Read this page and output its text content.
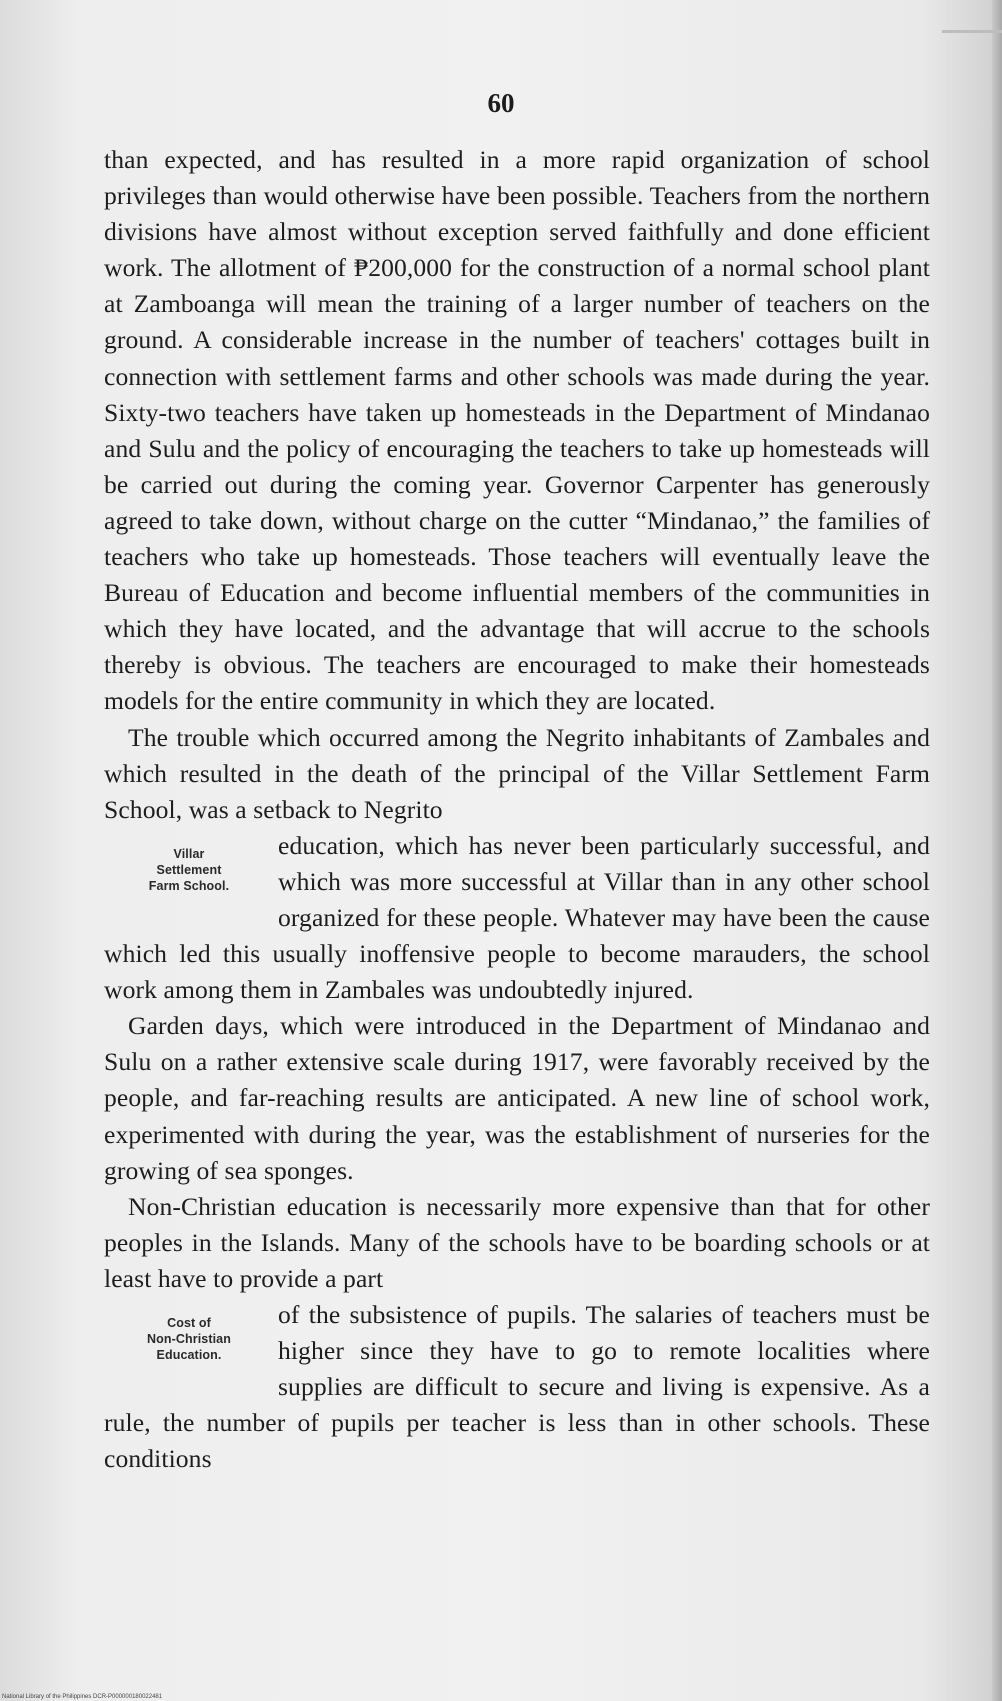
60

than expected, and has resulted in a more rapid organization of school privileges than would otherwise have been possible. Teachers from the northern divisions have almost without exception served faithfully and done efficient work. The allotment of ₱200,000 for the construction of a normal school plant at Zamboanga will mean the training of a larger number of teachers on the ground. A considerable increase in the number of teachers' cottages built in connection with settlement farms and other schools was made during the year. Sixty-two teachers have taken up homesteads in the Department of Mindanao and Sulu and the policy of encouraging the teachers to take up homesteads will be carried out during the coming year. Governor Carpenter has generously agreed to take down, without charge on the cutter “Mindanao,” the families of teachers who take up homesteads. Those teachers will eventually leave the Bureau of Education and become influential members of the communities in which they have located, and the advantage that will accrue to the schools thereby is obvious. The teachers are encouraged to make their homesteads models for the entire community in which they are located.

The trouble which occurred among the Negrito inhabitants of Zambales and which resulted in the death of the principal of the Villar Settlement Farm School, was a setback to Negrito

Villar
Settlement
Farm School.

education, which has never been particularly successful, and which was more successful at Villar than in any other school organized for these people. Whatever may have been the cause which led this usually inoffensive people to become marauders, the school work among them in Zambales was undoubtedly injured.

Garden days, which were introduced in the Department of Mindanao and Sulu on a rather extensive scale during 1917, were favorably received by the people, and far-reaching results are anticipated. A new line of school work, experimented with during the year, was the establishment of nurseries for the growing of sea sponges.

Non-Christian education is necessarily more expensive than that for other peoples in the Islands. Many of the schools have to be boarding schools or at least have to provide a part

Cost of
Non-Christian
Education.

of the subsistence of pupils. The salaries of teachers must be higher since they have to go to remote localities where supplies are difficult to secure and living is expensive. As a rule, the number of pupils per teacher is less than in other schools. These conditions

National Library of the Philippines DCR-P000000180022481
